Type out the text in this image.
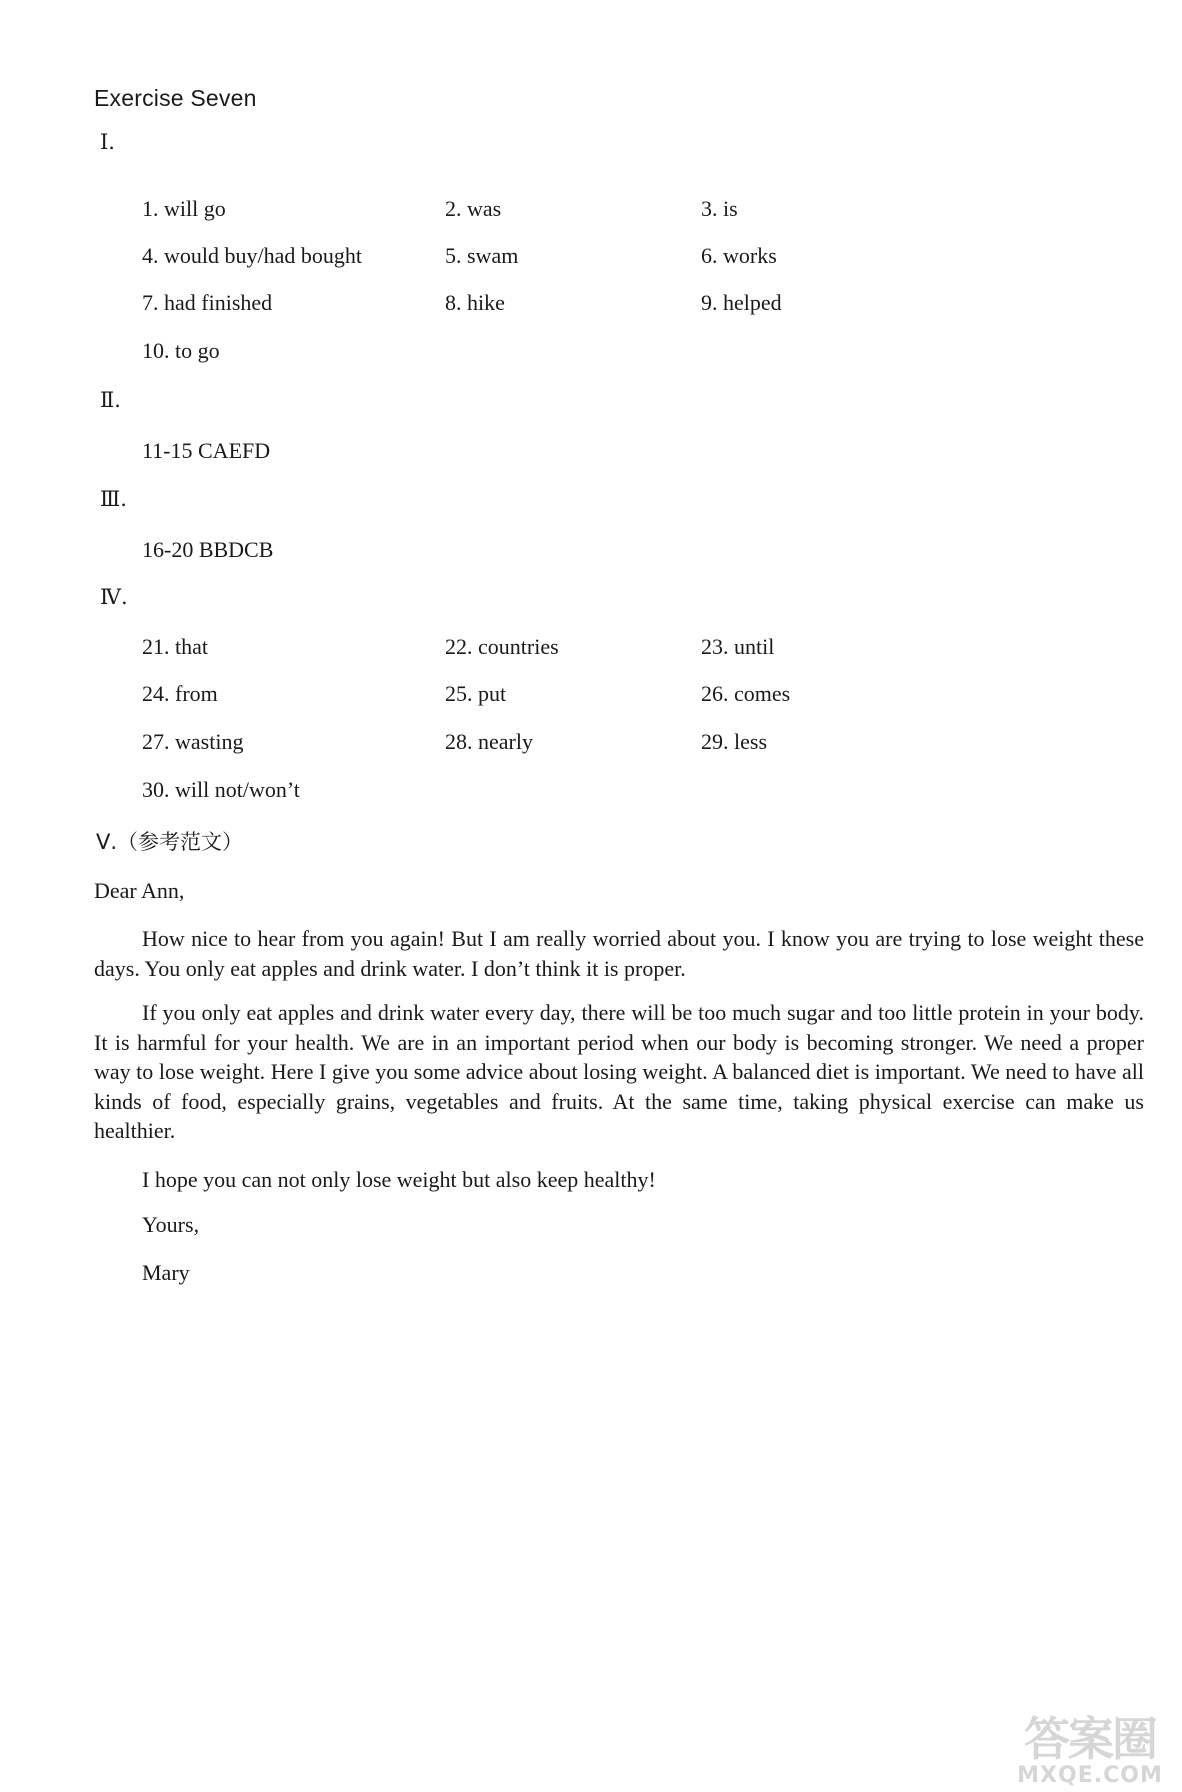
Exercise Seven
Ⅰ.
1. will go	2. was	3. is
4. would buy/had bought	5. swam	6. works
7. had finished	8. hike	9. helped
10. to go
Ⅱ.
11-15 CAEFD
Ⅲ.
16-20 BBDCB
Ⅳ.
21. that	22. countries	23. until
24. from	25. put	26. comes
27. wasting	28. nearly	29. less
30. will not/won’t
Ⅴ.（参考范文）
Dear Ann,

How nice to hear from you again! But I am really worried about you. I know you are trying to lose weight these days. You only eat apples and drink water. I don’t think it is proper.

If you only eat apples and drink water every day, there will be too much sugar and too little protein in your body. It is harmful for your health. We are in an important period when our body is becoming stronger. We need a proper way to lose weight. Here I give you some advice about losing weight. A balanced diet is important. We need to have all kinds of food, especially grains, vegetables and fruits. At the same time, taking physical exercise can make us healthier.

I hope you can not only lose weight but also keep healthy!

Yours,
Mary
答案圈
MXQE.COM
